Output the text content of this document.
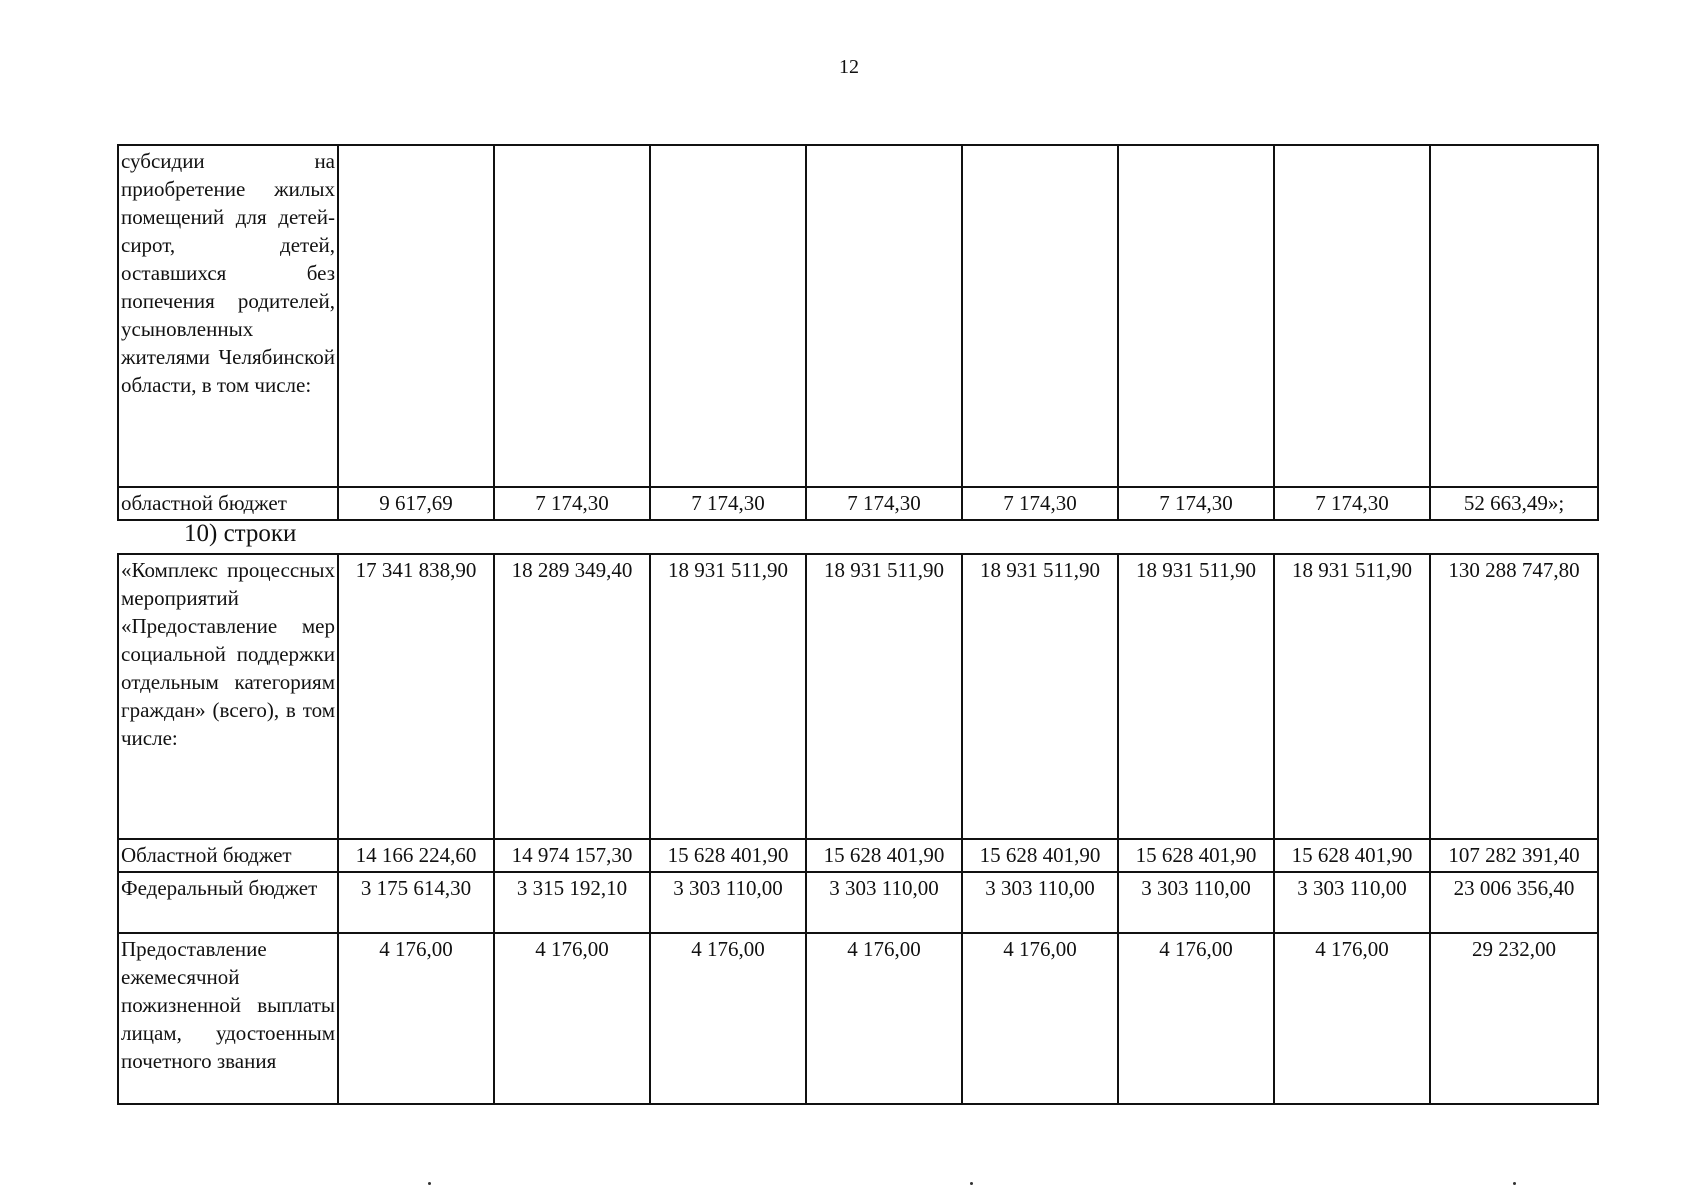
12
субсидии на приобретение жилых помещений для детей-сирот, детей, оставшихся без попечения родителей, усыновленных жителями Челябинской области, в том числе:								
областной бюджет	9 617,69	7 174,30	7 174,30	7 174,30	7 174,30	7 174,30	7 174,30	52 663,49»;
10) строки
«Комплекс процессных мероприятий «Предоставление мер социальной поддержки отдельным категориям граждан» (всего), в том числе:	17 341 838,90	18 289 349,40	18 931 511,90	18 931 511,90	18 931 511,90	18 931 511,90	18 931 511,90	130 288 747,80
Областной бюджет	14 166 224,60	14 974 157,30	15 628 401,90	15 628 401,90	15 628 401,90	15 628 401,90	15 628 401,90	107 282 391,40
Федеральный бюджет	3 175 614,30	3 315 192,10	3 303 110,00	3 303 110,00	3 303 110,00	3 303 110,00	3 303 110,00	23 006 356,40
Предоставление ежемесячной пожизненной выплаты лицам, удостоенным почетного звания	4 176,00	4 176,00	4 176,00	4 176,00	4 176,00	4 176,00	4 176,00	29 232,00
